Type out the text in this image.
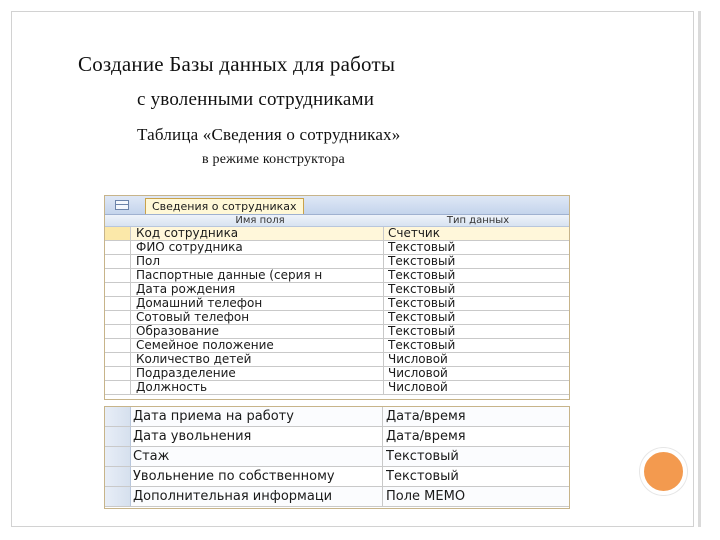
Создание Базы данных для работы
с уволенными сотрудниками
Таблица «Сведения о сотрудниках»
в режиме конструктора
Сведения о сотрудниках
Имя поля	Тип данных
Код сотрудника	Счетчик
ФИО сотрудника	Текстовый
Пол	Текстовый
Паспортные данные (серия н	Текстовый
Дата рождения	Текстовый
Домашний телефон	Текстовый
Сотовый телефон	Текстовый
Образование	Текстовый
Семейное положение	Текстовый
Количество детей	Числовой
Подразделение	Числовой
Должность	Числовой
Дата приема на работу	Дата/время
Дата увольнения	Дата/время
Стаж	Текстовый
Увольнение по собственному	Текстовый
Дополнительная информаци	Поле МЕМО
